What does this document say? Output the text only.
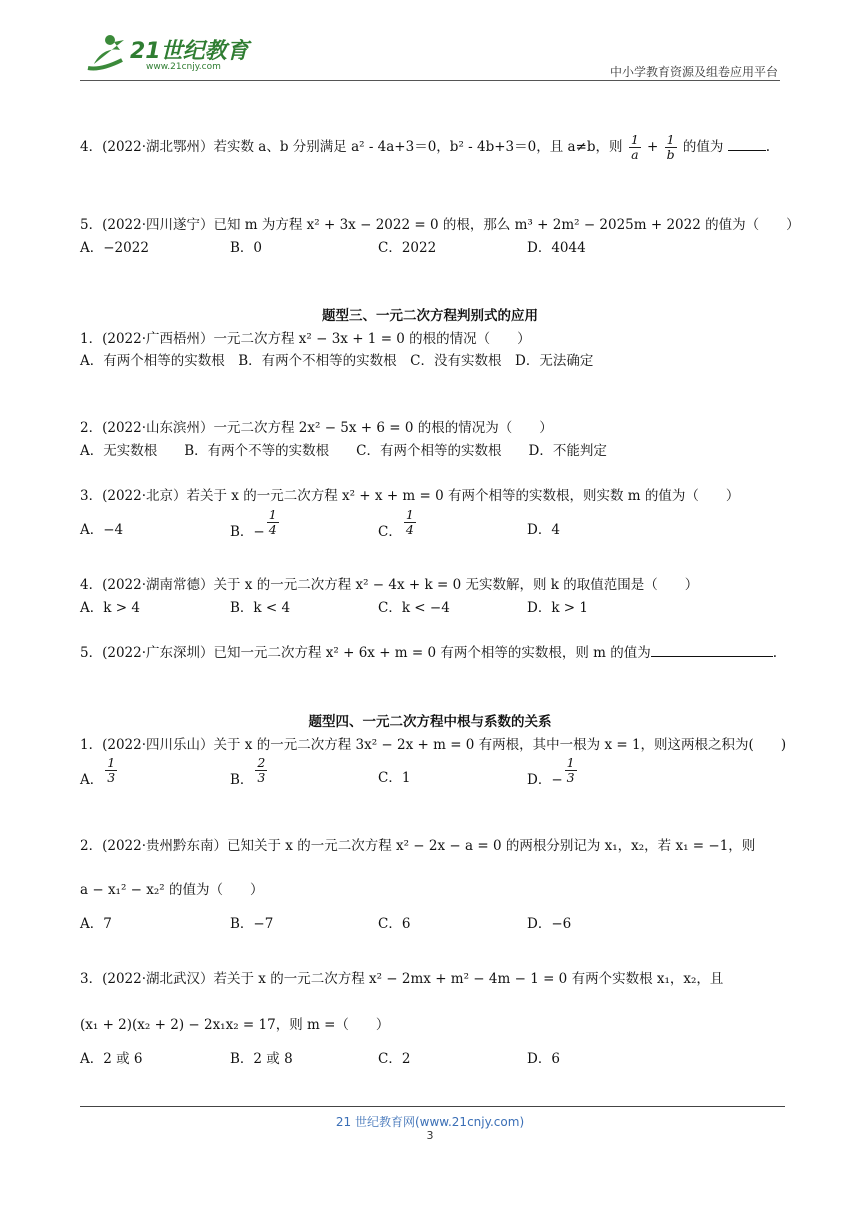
21世纪教育
www.21cnjy.com	中小学教育资源及组卷应用平台
4．(2022·湖北鄂州）若实数 a、b 分别满足 a² - 4a+3＝0，b² - 4b+3＝0，且 a≠b，则 $\frac{1}{a} + \frac{1}{b}$ 的值为	.
5．(2022·四川遂宁）已知 m 为方程 x² + 3x − 2022 = 0 的根，那么 m³ + 2m² − 2025m + 2022 的值为（　　）
A．−2022	B．0	C．2022	D．4044
题型三、一元二次方程判别式的应用
1．(2022·广西梧州）一元二次方程 x² − 3x + 1 = 0 的根的情况（　　）
A．有两个相等的实数根　B．有两个不相等的实数根　C．没有实数根　D．无法确定
2．(2022·山东滨州）一元二次方程 2x² − 5x + 6 = 0 的根的情况为（　　）
A．无实数根　　B．有两个不等的实数根　　C．有两个相等的实数根　　D．不能判定
3．(2022·北京）若关于 x 的一元二次方程 x² + x + m = 0 有两个相等的实数根，则实数 m 的值为（　　）
A．−4	B．− $\frac{1}{4}$	C． $\frac{1}{4}$	D．4
4．(2022·湖南常德）关于 x 的一元二次方程 x² − 4x + k = 0 无实数解，则 k 的取值范围是（　　）
A．k > 4	B．k < 4	C．k < −4	D．k > 1
5．(2022·广东深圳）已知一元二次方程 x² + 6x + m = 0 有两个相等的实数根，则 m 的值为	.
题型四、一元二次方程中根与系数的关系
1．(2022·四川乐山）关于 x 的一元二次方程 3x² − 2x + m = 0 有两根，其中一根为 x = 1，则这两根之积为(　　)
A． $\frac{1}{3}$	B． $\frac{2}{3}$	C．1	D．− $\frac{1}{3}$
2．(2022·贵州黔东南）已知关于 x 的一元二次方程 x² − 2x − a = 0 的两根分别记为 x₁，x₂，若 x₁ = −1，则
a − x₁² − x₂² 的值为（　　）
A．7	B．−7	C．6	D．−6
3．(2022·湖北武汉）若关于 x 的一元二次方程 x² − 2mx + m² − 4m − 1 = 0 有两个实数根 x₁，x₂，且
(x₁ + 2)(x₂ + 2) − 2x₁x₂ = 17，则 m =（　　）
A．2 或 6	B．2 或 8	C．2	D．6
21 世纪教育网(www.21cnjy.com)
3
